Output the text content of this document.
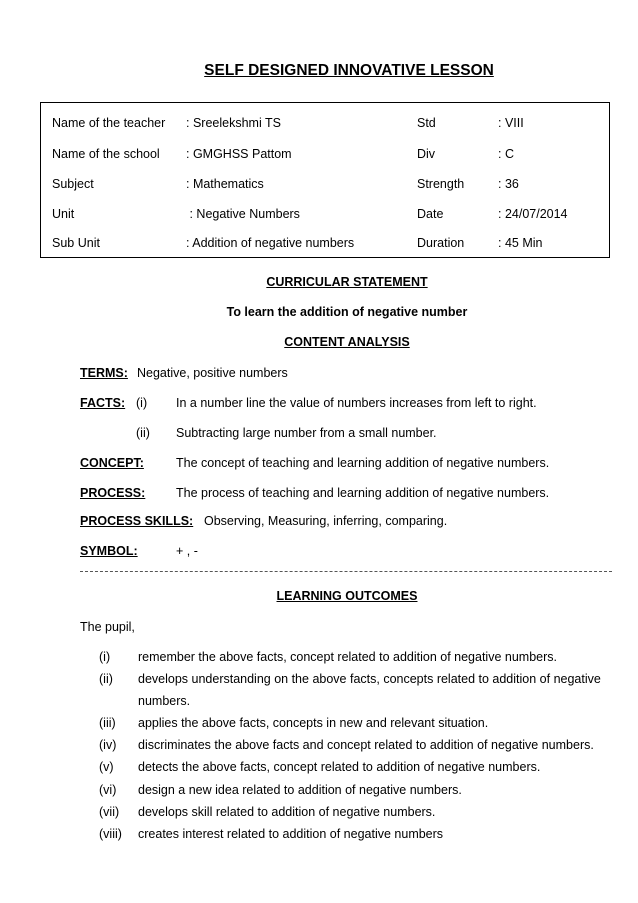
SELF DESIGNED INNOVATIVE LESSON
Name of the teacher : Sreelekshmi TS	Std	: VIII
Name of the school : GMGHSS Pattom	Div	: C
Subject	: Mathematics	Strength	: 36
Unit	: Negative Numbers	Date	: 24/07/2014
Sub Unit	: Addition of negative numbers	Duration	: 45 Min
CURRICULAR STATEMENT
To learn the addition of negative number
CONTENT ANALYSIS
TERMS: Negative, positive numbers
FACTS: (i) In a number line the value of numbers increases from left to right.
(ii) Subtracting large number from a small number.
CONCEPT:	The concept of teaching and learning addition of negative numbers.
PROCESS: The process of teaching and learning addition of negative numbers.
PROCESS SKILLS: Observing, Measuring, inferring, comparing.
SYMBOL:	+ , -
LEARNING OUTCOMES
The pupil,
(i) remember the above facts, concept related to addition of negative numbers.
(ii) develops understanding on the above facts, concepts related to addition of negative
numbers.
(iii) applies the above facts, concepts in new and relevant situation.
(iv) discriminates the above facts and concept related to addition of negative numbers.
(v) detects the above facts, concept related to addition of negative numbers.
(vi) design a new idea related to addition of negative numbers.
(vii) develops skill related to addition of negative numbers.
(viii) creates interest related to addition of negative numbers
